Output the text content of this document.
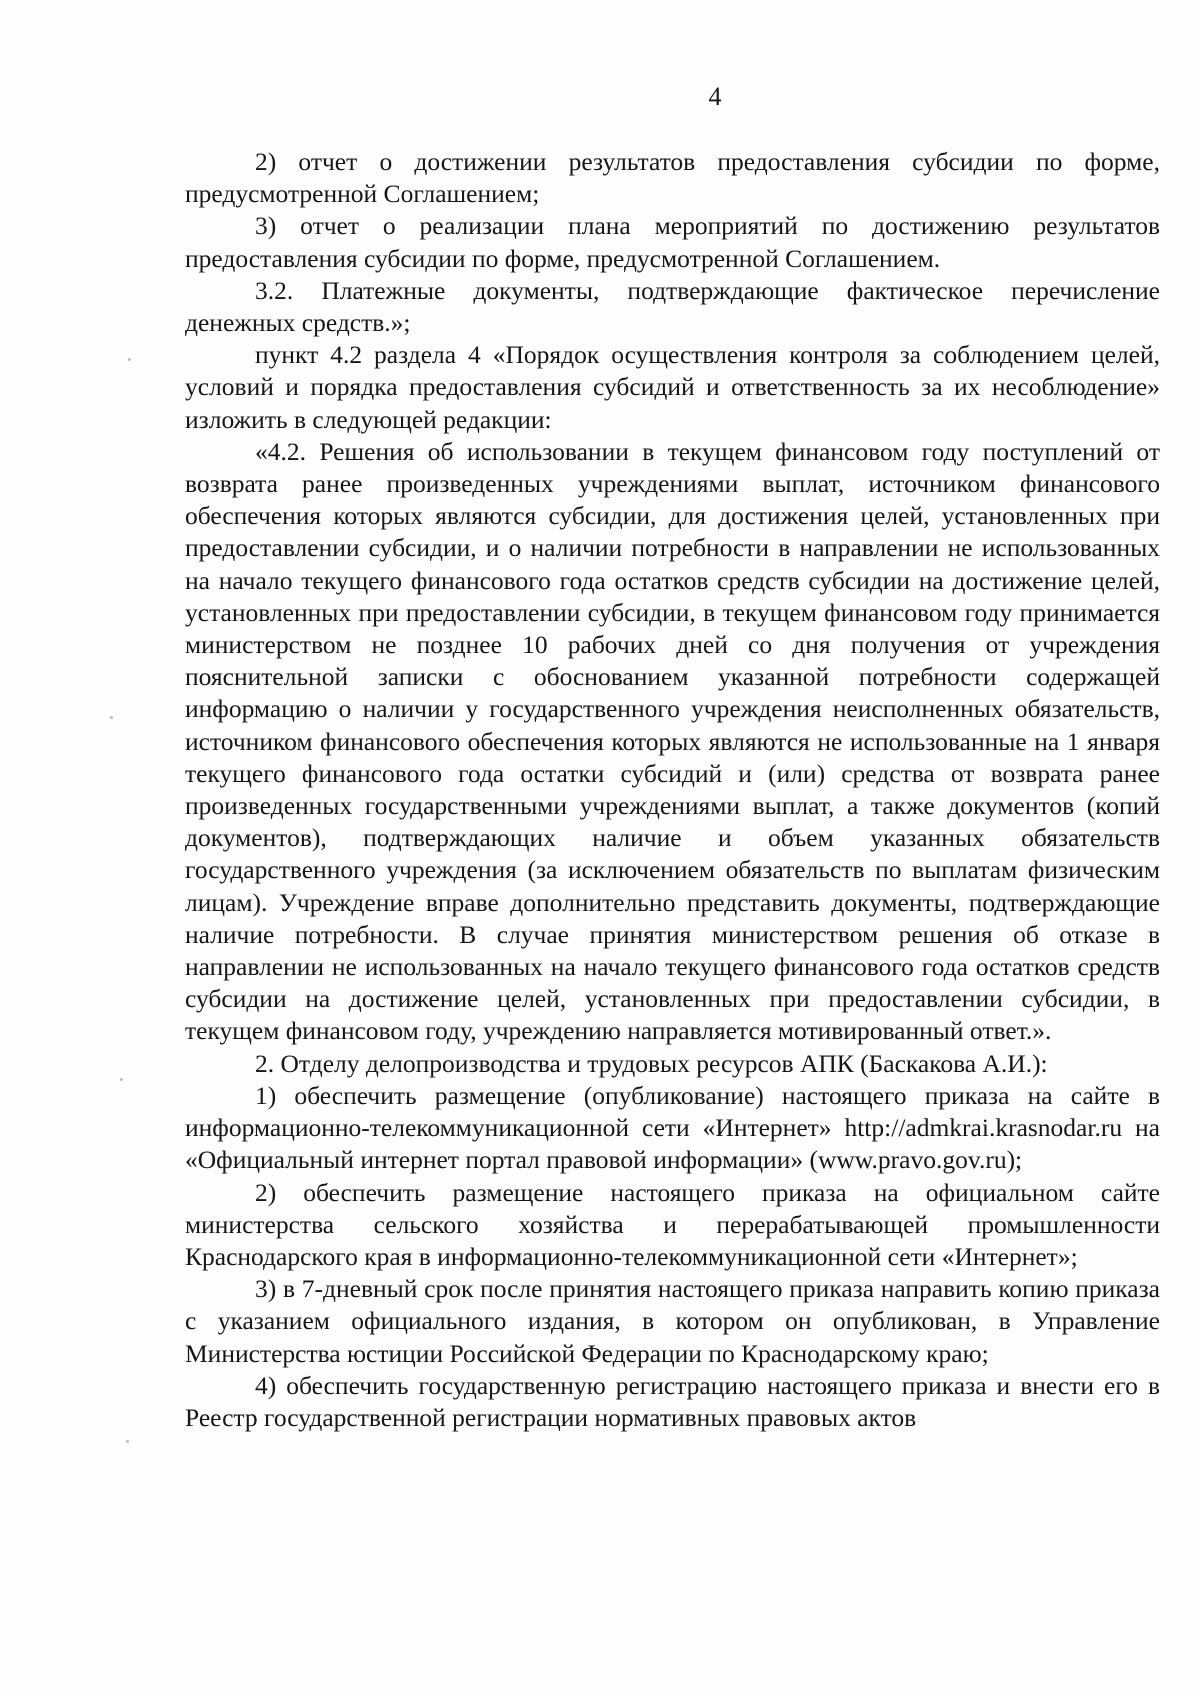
4

2) отчет о достижении результатов предоставления субсидии по форме, предусмотренной Соглашением;

3) отчет о реализации плана мероприятий по достижению результатов предоставления субсидии по форме, предусмотренной Соглашением.

3.2. Платежные документы, подтверждающие фактическое перечисление денежных средств.»;

пункт 4.2 раздела 4 «Порядок осуществления контроля за соблюдением целей, условий и порядка предоставления субсидий и ответственность за их несоблюдение» изложить в следующей редакции:

«4.2. Решения об использовании в текущем финансовом году поступлений от возврата ранее произведенных учреждениями выплат, источником финансового обеспечения которых являются субсидии, для достижения целей, установленных при предоставлении субсидии, и о наличии потребности в направлении не использованных на начало текущего финансового года остатков средств субсидии на достижение целей, установленных при предоставлении субсидии, в текущем финансовом году принимается министерством не позднее 10 рабочих дней со дня получения от учреждения пояснительной записки с обоснованием указанной потребности содержащей информацию о наличии у государственного учреждения неисполненных обязательств, источником финансового обеспечения которых являются не использованные на 1 января текущего финансового года остатки субсидий и (или) средства от возврата ранее произведенных государственными учреждениями выплат, а также документов (копий документов), подтверждающих наличие и объем указанных обязательств государственного учреждения (за исключением обязательств по выплатам физическим лицам). Учреждение вправе дополнительно представить документы, подтверждающие наличие потребности. В случае принятия министерством решения об отказе в направлении не использованных на начало текущего финансового года остатков средств субсидии на достижение целей, установленных при предоставлении субсидии, в текущем финансовом году, учреждению направляется мотивированный ответ.».

2. Отделу делопроизводства и трудовых ресурсов АПК (Баскакова А.И.):

1) обеспечить размещение (опубликование) настоящего приказа на сайте в информационно-телекоммуникационной сети «Интернет» http://admkrai.krasnodar.ru на «Официальный интернет портал правовой информации» (www.pravo.gov.ru);

2) обеспечить размещение настоящего приказа на официальном сайте министерства сельского хозяйства и перерабатывающей промышленности Краснодарского края в информационно-телекоммуникационной сети «Интернет»;

3) в 7-дневный срок после принятия настоящего приказа направить копию приказа с указанием официального издания, в котором он опубликован, в Управление Министерства юстиции Российской Федерации по Краснодарскому краю;

4) обеспечить государственную регистрацию настоящего приказа и внести его в Реестр государственной регистрации нормативных правовых актов
